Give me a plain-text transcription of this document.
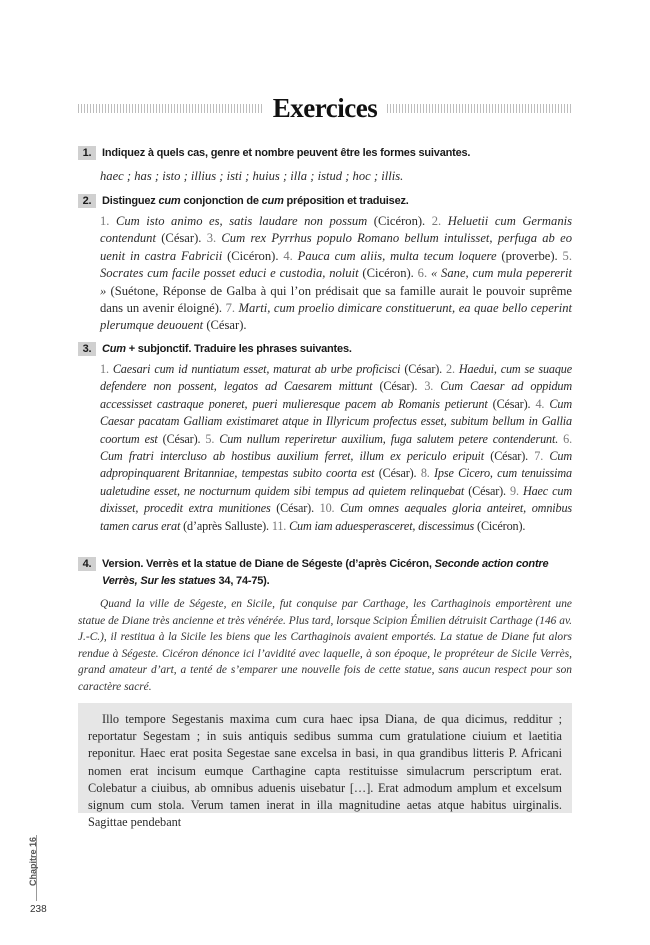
Exercices
1. Indiquez à quels cas, genre et nombre peuvent être les formes suivantes.
haec ; has ; isto ; illius ; isti ; huius ; illa ; istud ; hoc ; illis.
2. Distinguez cum conjonction de cum préposition et traduisez.
1. Cum isto animo es, satis laudare non possum (Cicéron). 2. Heluetii cum Germanis contendunt (César). 3. Cum rex Pyrrhus populo Romano bellum intulisset, perfuga ab eo uenit in castra Fabricii (Cicéron). 4. Pauca cum aliis, multa tecum loquere (proverbe). 5. Socrates cum facile posset educi e custodia, noluit (Cicéron). 6. « Sane, cum mula pepererit » (Suétone, Réponse de Galba à qui l’on prédisait que sa famille aurait le pouvoir suprême dans un avenir éloigné). 7. Marti, cum proelio dimicare constituerunt, ea quae bello ceperint plerumque deuouent (César).
3. Cum + subjonctif. Traduire les phrases suivantes.
1. Caesari cum id nuntiatum esset, maturat ab urbe proficisci (César). 2. Haedui, cum se suaque defendere non possent, legatos ad Caesarem mittunt (César). 3. Cum Caesar ad oppidum accessisset castraque poneret, pueri mulieresque pacem ab Romanis petierunt (César). 4. Cum Caesar pacatam Galliam existimaret atque in Illyricum profectus esset, subitum bellum in Gallia coortum est (César). 5. Cum nullum reperiretur auxilium, fuga salutem petere contenderunt. 6. Cum fratri intercluso ab hostibus auxilium ferret, illum ex periculo eripuit (César). 7. Cum adpropinquarent Britanniae, tempestas subito coorta est (César). 8. Ipse Cicero, cum tenuissima ualetudine esset, ne nocturnum quidem sibi tempus ad quietem relinquebat (César). 9. Haec cum dixisset, procedit extra munitiones (César). 10. Cum omnes aequales gloria anteiret, omnibus tamen carus erat (d’après Salluste). 11. Cum iam aduesperasceret, discessimus (Cicéron).
4. Version. Verrès et la statue de Diane de Ségeste (d’après Cicéron, Seconde action contre Verrès, Sur les statues 34, 74-75).
Quand la ville de Ségeste, en Sicile, fut conquise par Carthage, les Carthaginois emportèrent une statue de Diane très ancienne et très vénérée. Plus tard, lorsque Scipion Émilien détruisit Carthage (146 av. J.-C.), il restitua à la Sicile les biens que les Carthaginois avaient emportés. La statue de Diane fut alors rendue à Ségeste. Cicéron dénonce ici l’avidité avec laquelle, à son époque, le propréteur de Sicile Verrès, grand amateur d’art, a tenté de s’emparer une nouvelle fois de cette statue, sans aucun respect pour son caractère sacré.

Illo tempore Segestanis maxima cum cura haec ipsa Diana, de qua dicimus, redditur ; reportatur Segestam ; in suis antiquis sedibus summa cum gratulatione ciuium et laetitia reponitur. Haec erat posita Segestae sane excelsa in basi, in qua grandibus litteris P. Africani nomen erat incisum eumque Carthagine capta restituisse simulacrum perscriptum erat. Colebatur a ciuibus, ab omnibus aduenis uisebatur […]. Erat admodum amplum et excelsum signum cum stola. Verum tamen inerat in illa magnitudine aetas atque habitus uirginalis. Sagittae pendebant

Chapitre 16
238
